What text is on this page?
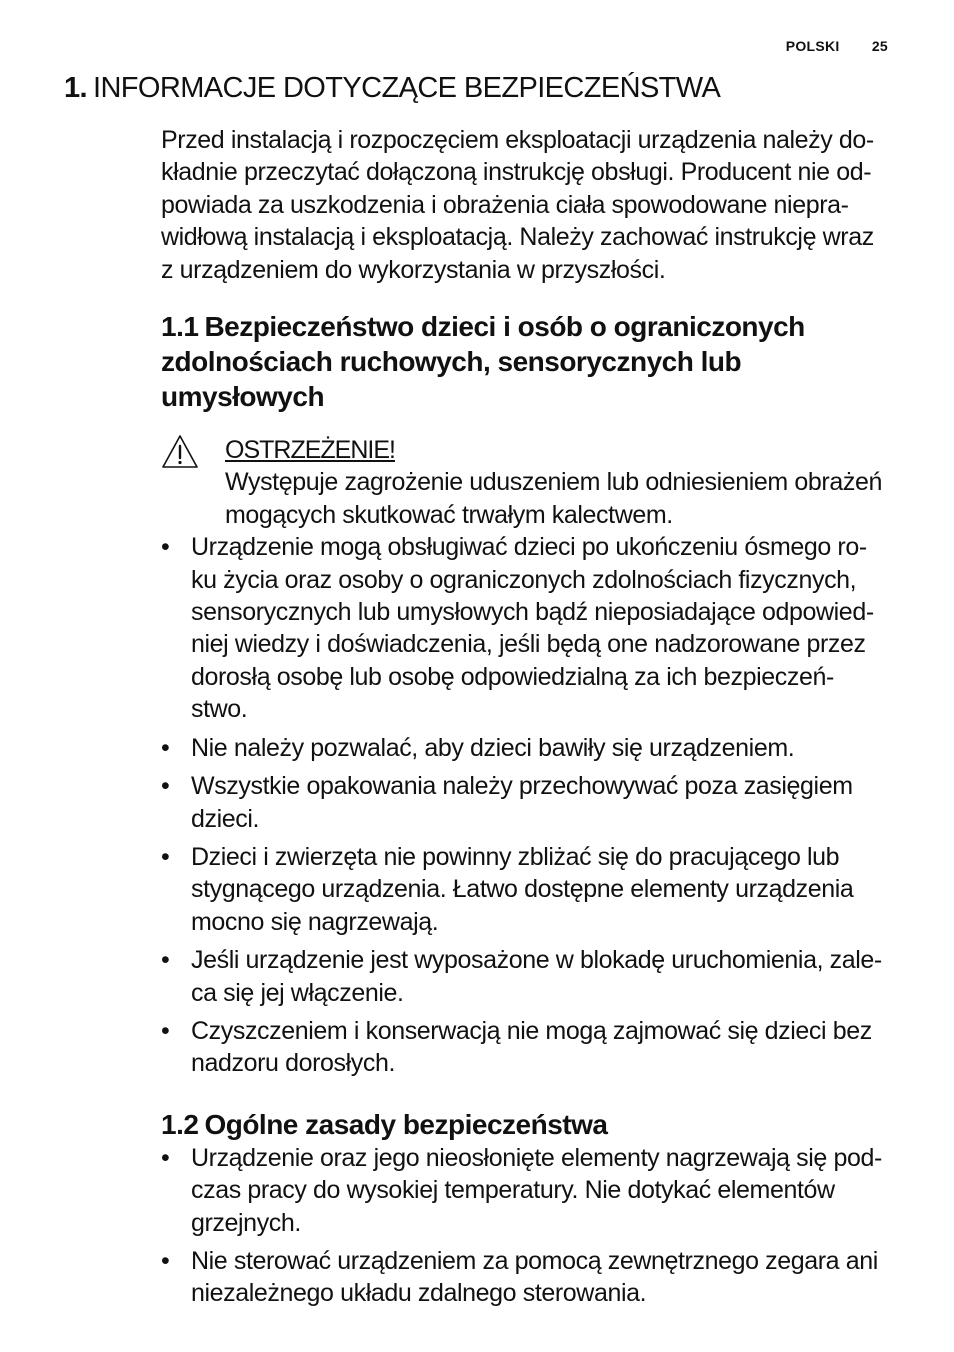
POLSKI 25
1. INFORMACJE DOTYCZĄCE BEZPIECZEŃSTWA

Przed instalacją i rozpoczęciem eksploatacji urządzenia należy do-
kładnie przeczytać dołączoną instrukcję obsługi. Producent nie od-
powiada za uszkodzenia i obrażenia ciała spowodowane niepra-
widłową instalacją i eksploatacją. Należy zachować instrukcję wraz
z urządzeniem do wykorzystania w przyszłości.

1.1 Bezpieczeństwo dzieci i osób o ograniczonych
zdolnościach ruchowych, sensorycznych lub umysłowych
OSTRZEŻENIE!
Występuje zagrożenie uduszeniem lub odniesieniem obrażeń
mogących skutkować trwałym kalectwem.
• Urządzenie mogą obsługiwać dzieci po ukończeniu ósmego ro-
ku życia oraz osoby o ograniczonych zdolnościach fizycznych,
sensorycznych lub umysłowych bądź nieposiadające odpowied-
niej wiedzy i doświadczenia, jeśli będą one nadzorowane przez
dorosłą osobę lub osobę odpowiedzialną za ich bezpieczeń-
stwo.
• Nie należy pozwalać, aby dzieci bawiły się urządzeniem.
• Wszystkie opakowania należy przechowywać poza zasięgiem
dzieci.
• Dzieci i zwierzęta nie powinny zbliżać się do pracującego lub
stygnącego urządzenia. Łatwo dostępne elementy urządzenia
mocno się nagrzewają.
• Jeśli urządzenie jest wyposażone w blokadę uruchomienia, zale-
ca się jej włączenie.
• Czyszczeniem i konserwacją nie mogą zajmować się dzieci bez
nadzoru dorosłych.
1.2 Ogólne zasady bezpieczeństwa
• Urządzenie oraz jego nieosłonięte elementy nagrzewają się pod-
czas pracy do wysokiej temperatury. Nie dotykać elementów
grzejnych.
• Nie sterować urządzeniem za pomocą zewnętrznego zegara ani
niezależnego układu zdalnego sterowania.
